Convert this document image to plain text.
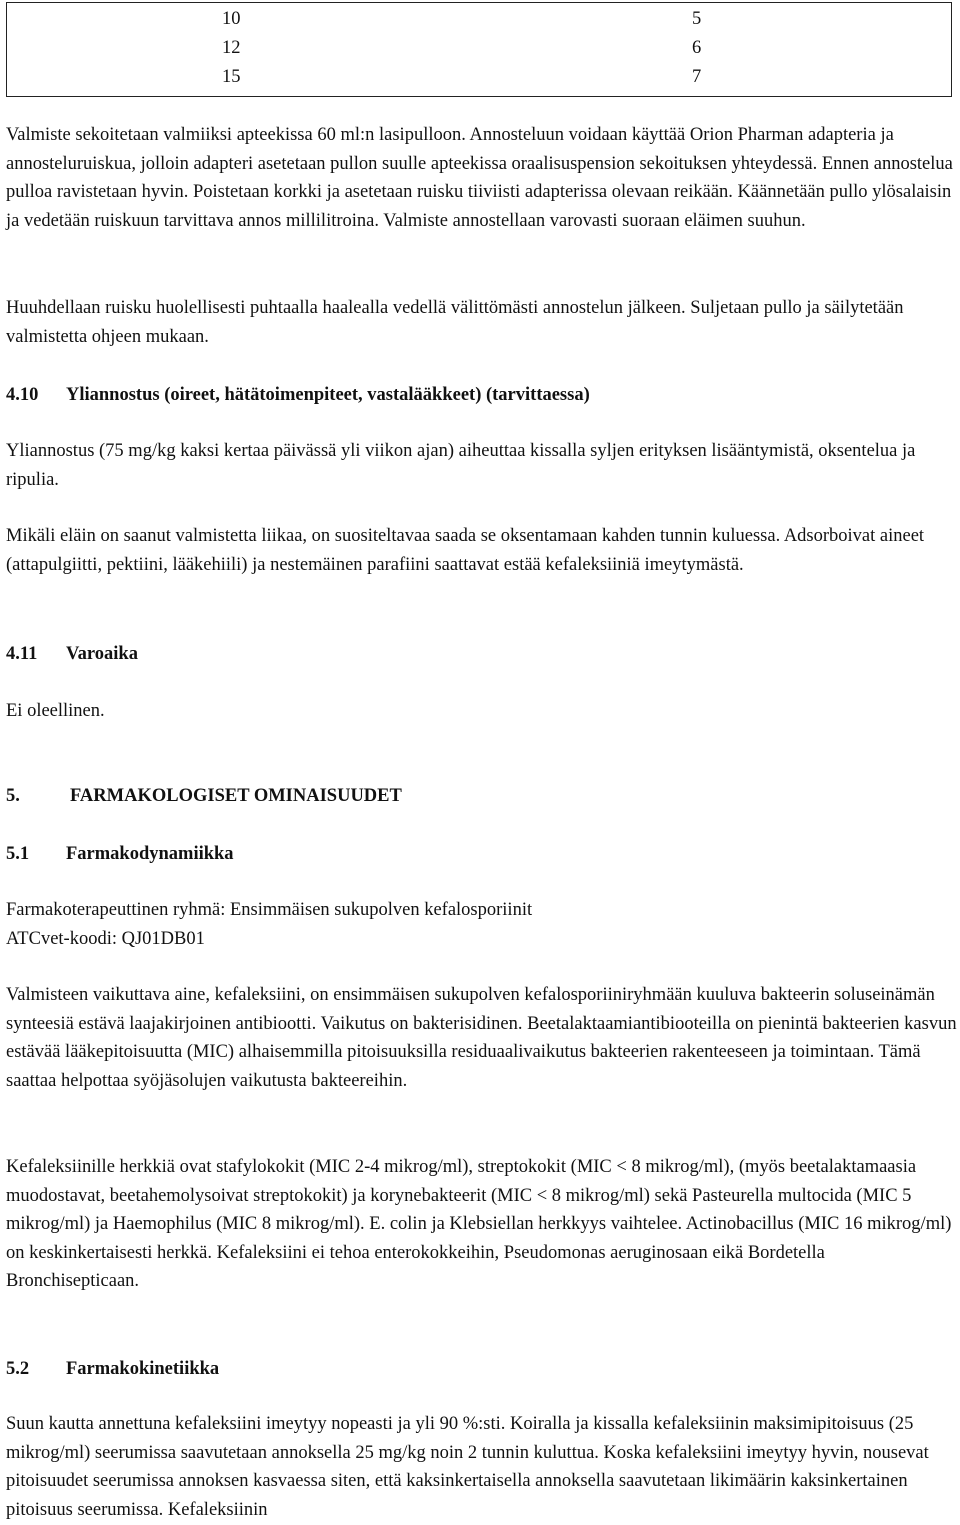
10	5
12	6
15	7

Valmiste sekoitetaan valmiiksi apteekissa 60 ml:n lasipulloon. Annosteluun voidaan käyttää Orion Pharman adapteria ja annosteluruiskua, jolloin adapteri asetetaan pullon suulle apteekissa oraalisuspension sekoituksen yhteydessä. Ennen annostelua pulloa ravistetaan hyvin. Poistetaan korkki ja asetetaan ruisku tiiviisti adapterissa olevaan reikään. Käännetään pullo ylösalaisin ja vedetään ruiskuun tarvittava annos millilitroina. Valmiste annostellaan varovasti suoraan eläimen suuhun.

Huuhdellaan ruisku huolellisesti puhtaalla haalealla vedellä välittömästi annostelun jälkeen. Suljetaan pullo ja säilytetään valmistetta ohjeen mukaan.

4.10 Yliannostus (oireet, hätätoimenpiteet, vastalääkkeet) (tarvittaessa)

Yliannostus (75 mg/kg kaksi kertaa päivässä yli viikon ajan) aiheuttaa kissalla syljen erityksen lisääntymistä, oksentelua ja ripulia.

Mikäli eläin on saanut valmistetta liikaa, on suositeltavaa saada se oksentamaan kahden tunnin kuluessa. Adsorboivat aineet (attapulgiitti, pektiini, lääkehiili) ja nestemäinen parafiini saattavat estää kefaleksiiniä imeytymästä.

4.11 Varoaika

Ei oleellinen.

5.	FARMAKOLOGISET OMINAISUUDET
5.1 Farmakodynamiikka

Farmakoterapeuttinen ryhmä: Ensimmäisen sukupolven kefalosporiinit

ATCvet-koodi: QJ01DB01

Valmisteen vaikuttava aine, kefaleksiini, on ensimmäisen sukupolven kefalosporiiniryhmään kuuluva bakteerin soluseinämän synteesiä estävä laajakirjoinen antibiootti. Vaikutus on bakterisidinen. Beetalaktaamiantibiooteilla on pienintä bakteerien kasvun estävää lääkepitoisuutta (MIC) alhaisemmilla pitoisuuksilla residuaalivaikutus bakteerien rakenteeseen ja toimintaan. Tämä saattaa helpottaa syöjäsolujen vaikutusta bakteereihin.

Kefaleksiinille herkkiä ovat stafylokokit (MIC 2-4 mikrog/ml), streptokokit (MIC < 8 mikrog/ml), (myös beetalaktamaasia muodostavat, beetahemolysoivat streptokokit) ja korynebakteerit (MIC < 8 mikrog/ml) sekä Pasteurella multocida (MIC 5 mikrog/ml) ja Haemophilus (MIC 8 mikrog/ml). E. colin ja Klebsiellan herkkyys vaihtelee. Actinobacillus (MIC 16 mikrog/ml) on keskinkertaisesti herkkä. Kefaleksiini ei tehoa enterokokkeihin, Pseudomonas aeruginosaan eikä Bordetella Bronchisepticaan.

5.2 Farmakokinetiikka

Suun kautta annettuna kefaleksiini imeytyy nopeasti ja yli 90 %:sti. Koiralla ja kissalla kefaleksiinin maksimipitoisuus (25 mikrog/ml) seerumissa saavutetaan annoksella 25 mg/kg noin 2 tunnin kuluttua. Koska kefaleksiini imeytyy hyvin, nousevat pitoisuudet seerumissa annoksen kasvaessa siten, että kaksinkertaisella annoksella saavutetaan likimäärin kaksinkertainen pitoisuus seerumissa. Kefaleksiinin
